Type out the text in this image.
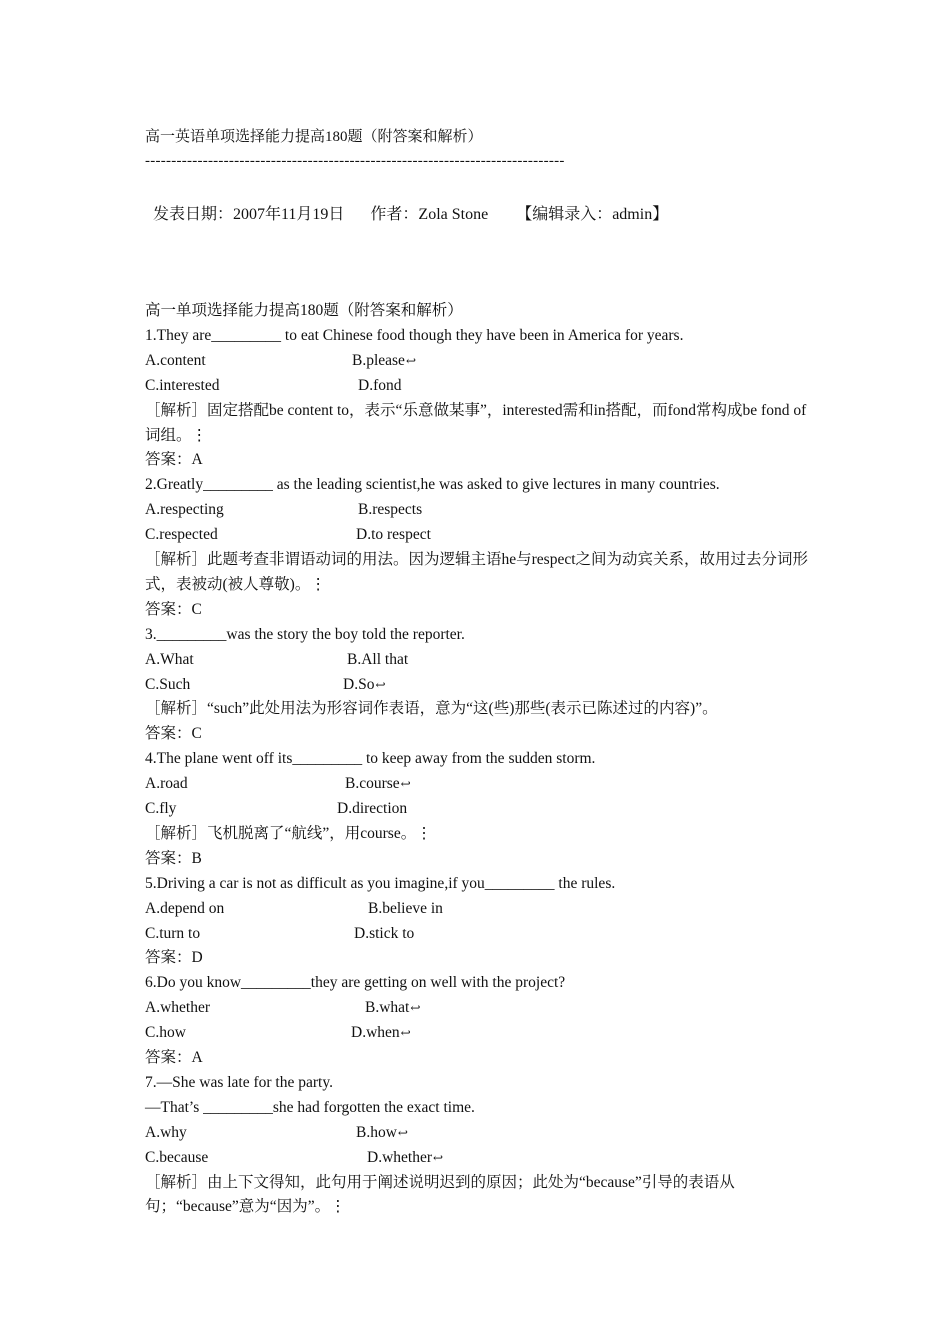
高一英语单项选择能力提高180题（附答案和解析）
--------------------------------------------------------------------------------
发表日期：2007年11月19日 作者：Zola Stone 【编辑录入：admin】
高一单项选择能力提高180题（附答案和解析）
1.They are_________ to eat Chinese food though they have been in America for years.
A.content	B.please↩
C.interested	D.fond
［解析］固定搭配be content to，表示“乐意做某事”，interested需和in搭配，而fond常构成be fond of词组。⋮
答案：A
2.Greatly_________ as the leading scientist,he was asked to give lectures in many countries.
A.respecting	B.respects
C.respected	D.to respect
［解析］此题考查非谓语动词的用法。因为逻辑主语he与respect之间为动宾关系，故用过去分词形式，表被动(被人尊敬)。⋮
答案：C
3._________was the story the boy told the reporter.
A.What	B.All that
C.Such	D.So↩
［解析］“such”此处用法为形容词作表语，意为“这(些)那些(表示已陈述过的内容)”。
答案：C
4.The plane went off its_________ to keep away from the sudden storm.
A.road	B.course↩
C.fly	D.direction
［解析］飞机脱离了“航线”，用course。⋮
答案：B
5.Driving a car is not as difficult as you imagine,if you_________ the rules.
A.depend on	B.believe in
C.turn to	D.stick to
答案：D
6.Do you know_________they are getting on well with the project?
A.whether	B.what↩
C.how	D.when↩
答案：A
7.—She was late for the party.
—That’s _________she had forgotten the exact time.
A.why	B.how↩
C.because	D.whether↩
［解析］由上下文得知，此句用于阐述说明迟到的原因；此处为“because”引导的表语从句；“because”意为“因为”。⋮
